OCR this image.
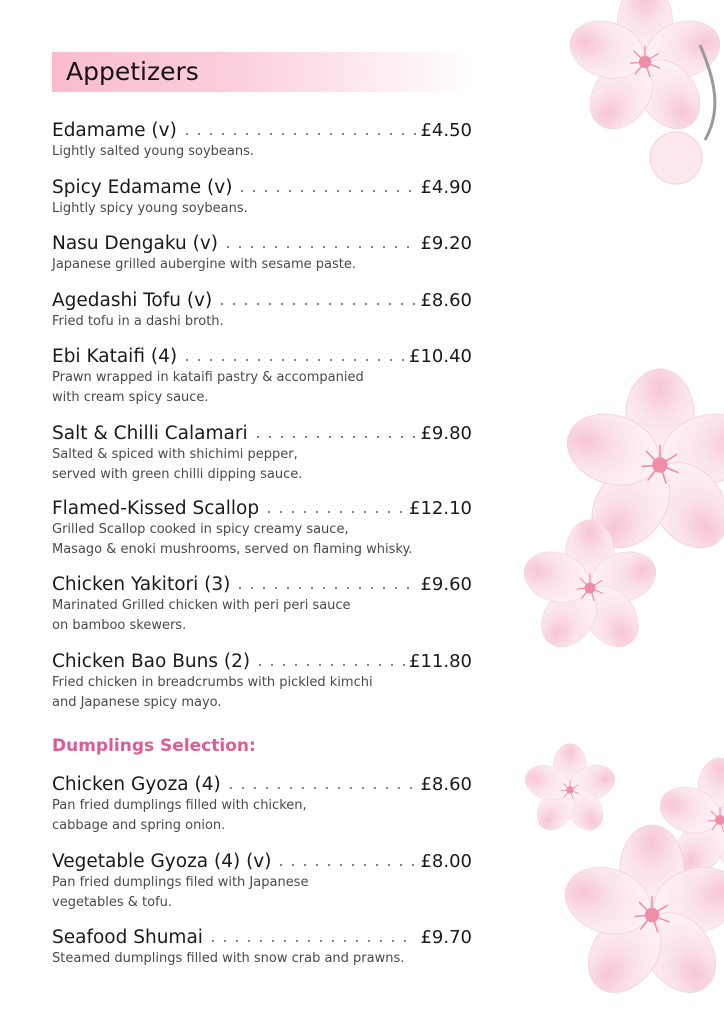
Appetizers
Edamame (v)	£4.50
Lightly salted young soybeans.
Spicy Edamame (v)	£4.90
Lightly spicy young soybeans.
Nasu Dengaku (v)	£9.20
Japanese grilled aubergine with sesame paste.
Agedashi Tofu (v)	£8.60
Fried tofu in a dashi broth.
Ebi Kataifi (4)	£10.40
Prawn wrapped in kataifi pastry & accompanied
with cream spicy sauce.
Salt & Chilli Calamari	£9.80
Salted & spiced with shichimi pepper,
served with green chilli dipping sauce.
Flamed-Kissed Scallop	£12.10
Grilled Scallop cooked in spicy creamy sauce,
Masago & enoki mushrooms, served on flaming whisky.
Chicken Yakitori (3)	£9.60
Marinated Grilled chicken with peri peri sauce
on bamboo skewers.
Chicken Bao Buns (2)	£11.80
Fried chicken in breadcrumbs with pickled kimchi
and Japanese spicy mayo.
Dumplings Selection:
Chicken Gyoza (4)	£8.60
Pan fried dumplings filled with chicken,
cabbage and spring onion.
Vegetable Gyoza (4) (v)	£8.00
Pan fried dumplings filed with Japanese
vegetables & tofu.
Seafood Shumai	£9.70
Steamed dumplings filled with snow crab and prawns.
